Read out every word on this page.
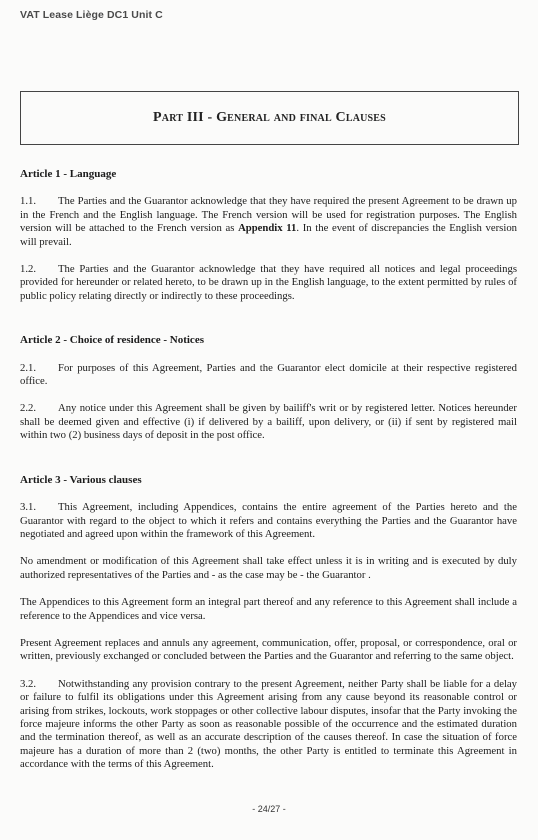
VAT Lease Liège DC1 Unit C
Part III - General and final Clauses

Article 1 - Language

1.1. The Parties and the Guarantor acknowledge that they have required the present Agreement to be drawn up in the French and the English language. The French version will be used for registration purposes. The English version will be attached to the French version as Appendix 11. In the event of discrepancies the English version will prevail.

1.2. The Parties and the Guarantor acknowledge that they have required all notices and legal proceedings provided for hereunder or related hereto, to be drawn up in the English language, to the extent permitted by rules of public policy relating directly or indirectly to these proceedings.

Article 2 - Choice of residence - Notices

2.1. For purposes of this Agreement, Parties and the Guarantor elect domicile at their respective registered office.

2.2. Any notice under this Agreement shall be given by bailiff's writ or by registered letter. Notices hereunder shall be deemed given and effective (i) if delivered by a bailiff, upon delivery, or (ii) if sent by registered mail within two (2) business days of deposit in the post office.

Article 3 - Various clauses

3.1. This Agreement, including Appendices, contains the entire agreement of the Parties hereto and the Guarantor with regard to the object to which it refers and contains everything the Parties and the Guarantor have negotiated and agreed upon within the framework of this Agreement.

No amendment or modification of this Agreement shall take effect unless it is in writing and is executed by duly authorized representatives of the Parties and - as the case may be - the Guarantor .

The Appendices to this Agreement form an integral part thereof and any reference to this Agreement shall include a reference to the Appendices and vice versa.

Present Agreement replaces and annuls any agreement, communication, offer, proposal, or correspondence, oral or written, previously exchanged or concluded between the Parties and the Guarantor and referring to the same object.

3.2. Notwithstanding any provision contrary to the present Agreement, neither Party shall be liable for a delay or failure to fulfil its obligations under this Agreement arising from any cause beyond its reasonable control or arising from strikes, lockouts, work stoppages or other collective labour disputes, insofar that the Party invoking the force majeure informs the other Party as soon as reasonable possible of the occurrence and the estimated duration and the termination thereof, as well as an accurate description of the causes thereof. In case the situation of force majeure has a duration of more than 2 (two) months, the other Party is entitled to terminate this Agreement in accordance with the terms of this Agreement.

- 24/27 -
